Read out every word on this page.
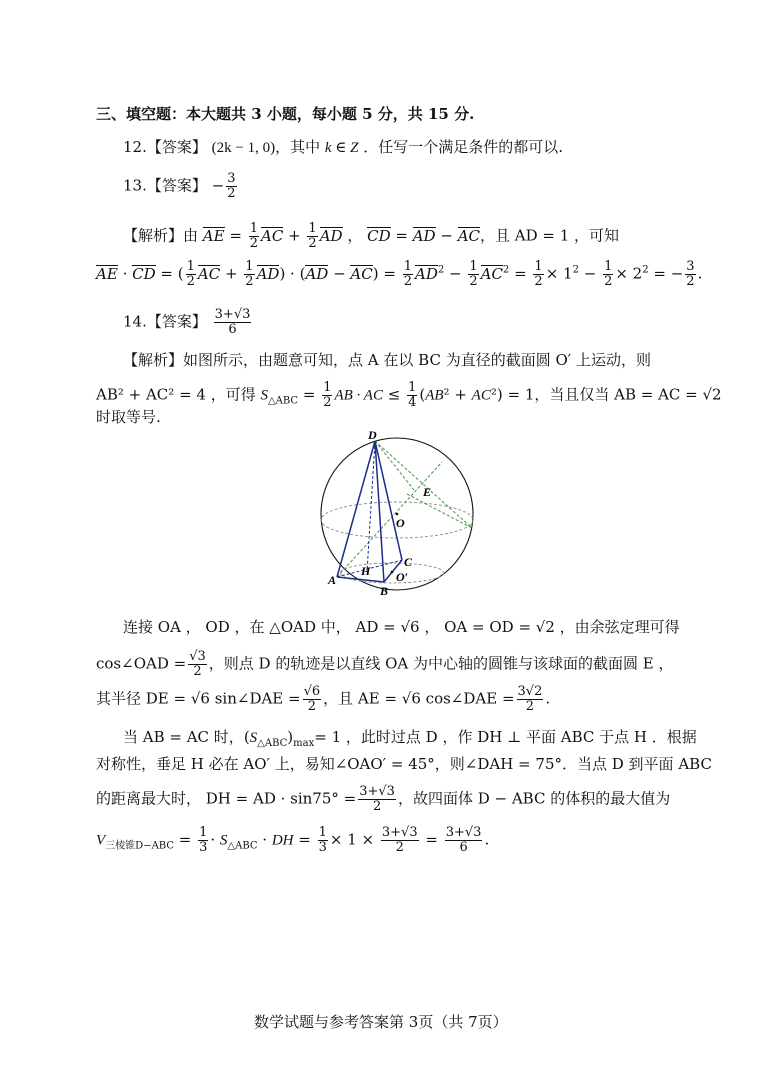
三、填空题：本大题共 3 小题，每小题 5 分，共 15 分.
12.【答案】 (2k − 1, 0)，其中 k ∈ Z ．任写一个满足条件的都可以.
13.【答案】 − $\frac{3}{2}$
【解析】由 AE = $\frac{1}{2}$ AC + $\frac{1}{2}$ AD ， CD = AD − AC，且 AD = 1 ，可知
AE · CD = ( $\frac{1}{2}$ AC + $\frac{1}{2} AD) \cdot (AD - AC) = \frac{1}{2} AD^2 - \frac{1}{2} AC^2 = \frac{1}{2} \times 1^2 - \frac{1}{2} \times 2^2$ = − $\frac{3}{2}$ .
14.【答案】 $\frac{3+√3}{6}$
【解析】如图所示，由题意可知，点 A 在以 BC 为直径的截面圆 O′ 上运动，则
AB² + AC² = 4 ，可得 $S_{\triangle ABC} = \frac{1}{2}$ AB · AC ≤ $\frac{1}{4} (AB^2 + AC^2) = 1$，当且仅当 AB = AC = √2
时取等号.
D
E
O
C
H O′
A
B
连接 OA ， OD ，在 △OAD 中， AD = √6 ， OA = OD = √2 ，由余弦定理可得
cos∠OAD = $\frac{√3}{2}$ ，则点 D 的轨迹是以直线 OA 为中心轴的圆锥与该球面的截面圆 E ，
其半径 DE = √6 sin∠DAE = $\frac{√6}{2}$ ，且 AE = √6 cos∠DAE = $\frac{3√2}{2}$ .
当 AB = AC 时，$(S_{\triangle ABC})_{max}= 1$ ，此时过点 D ，作 DH ⊥ 平面 ABC 于点 H ．根据
对称性，垂足 H 必在 AO′ 上，易知∠OAO′ = 45°，则∠DAH = 75°．当点 D 到平面 ABC
的距离最大时， DH = AD · $\sin 75^\circ = \frac{3+√3}{2}$ ，故四面体 D − ABC 的体积的最大值为
$V_{三棱锥D-ABC} = \frac{1}{3} \cdot S_{\triangle ABC}$ · DH = $\frac{1}{3} \times 1 \times \frac{3+√3}{2} = \frac{3+√3}{6}$ .
数学试题与参考答案第 3页（共 7页）
